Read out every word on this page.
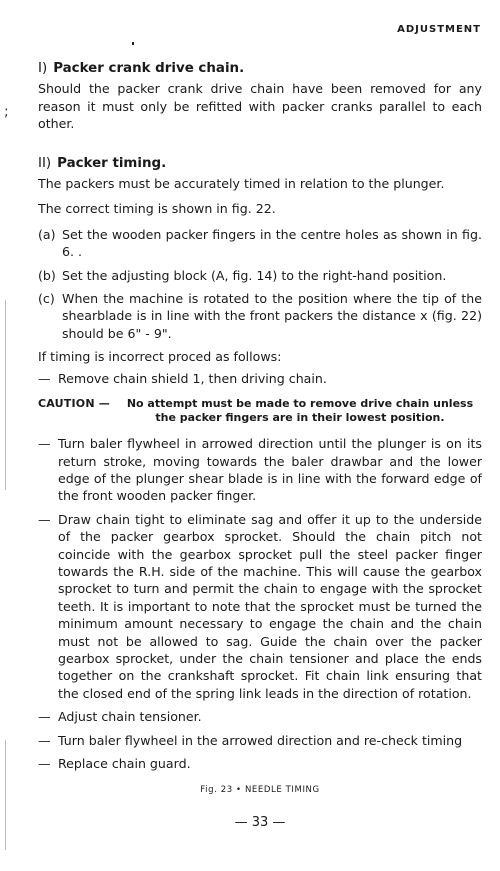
ADJUSTMENT
;
I) Packer crank drive chain.

Should the packer crank drive chain have been removed for any reason it must only be refitted with packer cranks parallel to each other.

II) Packer timing.

The packers must be accurately timed in relation to the plunger.

The correct timing is shown in fig. 22.

(a) Set the wooden packer fingers in the centre holes as shown in fig. 6. .
(b) Set the adjusting block (A, fig. 14) to the right-hand position.
(c) When the machine is rotated to the position where the tip of the shearblade is in line with the front packers the distance x (fig. 22) should be 6" - 9".

If timing is incorrect proced as follows:

— Remove chain shield 1, then driving chain.
CAUTION —	No attempt must be made to remove drive chain unless the packer fingers are in their lowest position.
— Turn baler flywheel in arrowed direction until the plunger is on its return stroke, moving towards the baler drawbar and the lower edge of the plunger shear blade is in line with the forward edge of the front wooden packer finger.
— Draw chain tight to eliminate sag and offer it up to the underside of the packer gearbox sprocket. Should the chain pitch not coincide with the gearbox sprocket pull the steel packer finger towards the R.H. side of the machine. This will cause the gearbox sprocket to turn and permit the chain to engage with the sprocket teeth. It is important to note that the sprocket must be turned the minimum amount necessary to engage the chain and the chain must not be allowed to sag. Guide the chain over the packer gearbox sprocket, under the chain tensioner and place the ends together on the crankshaft sprocket. Fit chain link ensuring that the closed end of the spring link leads in the direction of rotation.
— Adjust chain tensioner.
— Turn baler flywheel in the arrowed direction and re-check timing
— Replace chain guard.
Fig. 23 • NEEDLE TIMING
— 33 —
